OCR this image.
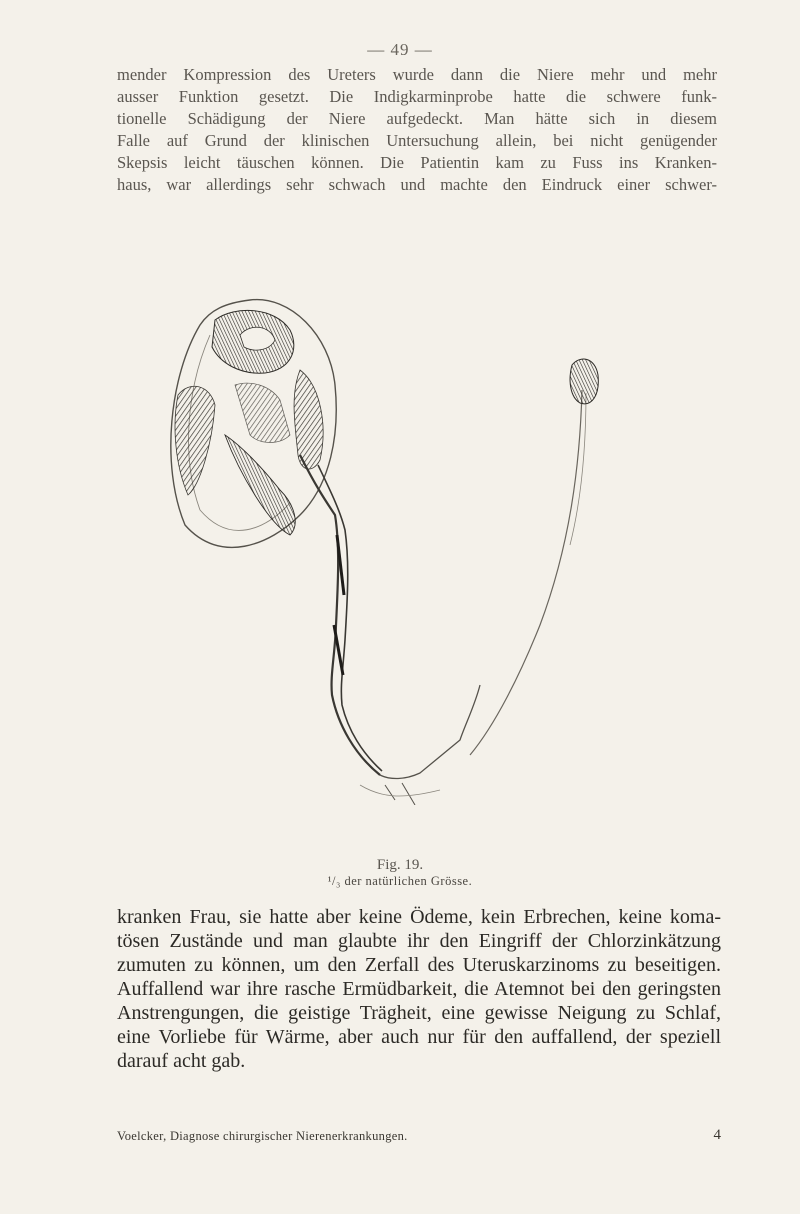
— 49 —
mender Kompression des Ureters wurde dann die Niere mehr und mehr
ausser Funktion gesetzt. Die Indigkarminprobe hatte die schwere funk-
tionelle Schädigung der Niere aufgedeckt. Man hätte sich in diesem
Falle auf Grund der klinischen Untersuchung allein, bei nicht genügender
Skepsis leicht täuschen können. Die Patientin kam zu Fuss ins Kranken-
haus, war allerdings sehr schwach und machte den Eindruck einer schwer-
Fig. 19.
¹/₃ der natürlichen Grösse.
kranken Frau, sie hatte aber keine Ödeme, kein Erbrechen, keine koma-
tösen Zustände und man glaubte ihr den Eingriff der Chlorzinkätzung
zumuten zu können, um den Zerfall des Uteruskarzinoms zu beseitigen.
Auffallend war ihre rasche Ermüdbarkeit, die Atemnot bei den geringsten
Anstrengungen, die geistige Trägheit, eine gewisse Neigung zu Schlaf,
eine Vorliebe für Wärme, aber auch nur für den auffallend, der speziell
darauf acht gab.
Voelcker, Diagnose chirurgischer Nierenerkrankungen.	4
